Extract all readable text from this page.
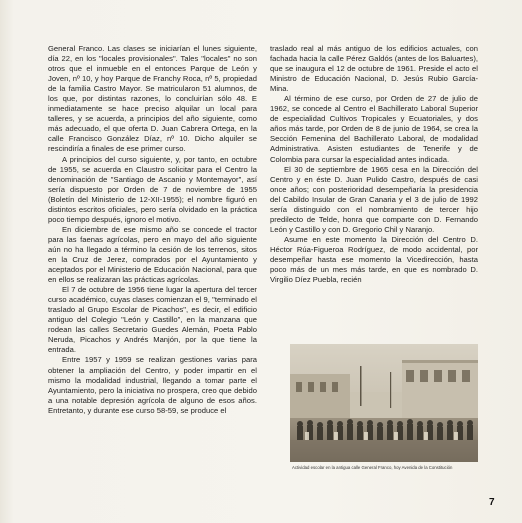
General Franco. Las clases se iniciarían el lunes siguiente, día 22, en los "locales provisionales". Tales "locales" no son otros que el inmueble en el entonces Parque de León y Joven, nº 10, y hoy Parque de Franchy Roca, nº 5, propiedad de la familia Castro Mayor. Se matricularon 51 alumnos, de los que, por distintas razones, lo concluirían sólo 48. E inmediatamente se hace preciso alquilar un local para talleres, y se acuerda, a principios del año siguiente, como más adecuado, el que oferta D. Juan Cabrera Ortega, en la calle Francisco González Díaz, nº 10. Dicho alquiler se rescindiría a finales de ese primer curso.

A principios del curso siguiente, y, por tanto, en octubre de 1955, se acuerda en Claustro solicitar para el Centro la denominación de "Santiago de Ascanio y Montemayor", así sería dispuesto por Orden de 7 de noviembre de 1955 (Boletín del Ministerio de 12-XII-1955); el nombre figuró en distintos escritos oficiales, pero sería olvidado en la práctica poco tiempo después, ignoro el motivo.

En diciembre de ese mismo año se concede el tractor para las faenas agrícolas, pero en mayo del año siguiente aún no ha llegado a término la cesión de los terrenos, sitos en la Cruz de Jerez, comprados por el Ayuntamiento y aceptados por el Ministerio de Educación Nacional, para que en ellos se realizaran las prácticas agrícolas.

El 7 de octubre de 1956 tiene lugar la apertura del tercer curso académico, cuyas clases comienzan el 9, "terminado el traslado al Grupo Escolar de Picachos", es decir, el edificio antiguo del Colegio "León y Castillo", en la manzana que rodean las calles Secretario Guedes Alemán, Poeta Pablo Neruda, Picachos y Andrés Manjón, por la que tiene la entrada.

Entre 1957 y 1959 se realizan gestiones varias para obtener la ampliación del Centro, y poder impartir en el mismo la modalidad industrial, llegando a tomar parte el Ayuntamiento, pero la iniciativa no prospera, creo que debido a una notable depresión agrícola de alguno de esos años. Entretanto, y durante ese curso 58-59, se produce el

traslado real al más antiguo de los edificios actuales, con fachada hacia la calle Pérez Galdós (antes de los Baluartes), que se inaugura el 12 de octubre de 1961. Preside el acto el Ministro de Educación Nacional, D. Jesús Rubio García-Mina.

Al término de ese curso, por Orden de 27 de julio de 1962, se concede al Centro el Bachillerato Laboral Superior de especialidad Cultivos Tropicales y Ecuatoriales, y dos años más tarde, por Orden de 8 de junio de 1964, se crea la Sección Femenina del Bachillerato Laboral, de modalidad Administrativa. Asisten estudiantes de Tenerife y de Colombia para cursar la especialidad antes indicada.

El 30 de septiembre de 1965 cesa en la Dirección del Centro y en éste D. Juan Pulido Castro, después de casi once años; con posterioridad desempeñaría la presidencia del Cabildo Insular de Gran Canaria y el 3 de julio de 1992 sería distinguido con el nombramiento de tercer hijo predilecto de Telde, honra que comparte con D. Fernando León y Castillo y con D. Gregorio Chil y Naranjo.

Asume en este momento la Dirección del Centro D. Héctor Rúa-Figueroa Rodríguez, de modo accidental, por desempeñar hasta ese momento la Vicedirección, hasta poco más de un mes más tarde, en que es nombrado D. Virgilio Díez Puebla, recién

Actividad escolar en la antigua calle General Franco, hoy Avenida de la Constitución
7
